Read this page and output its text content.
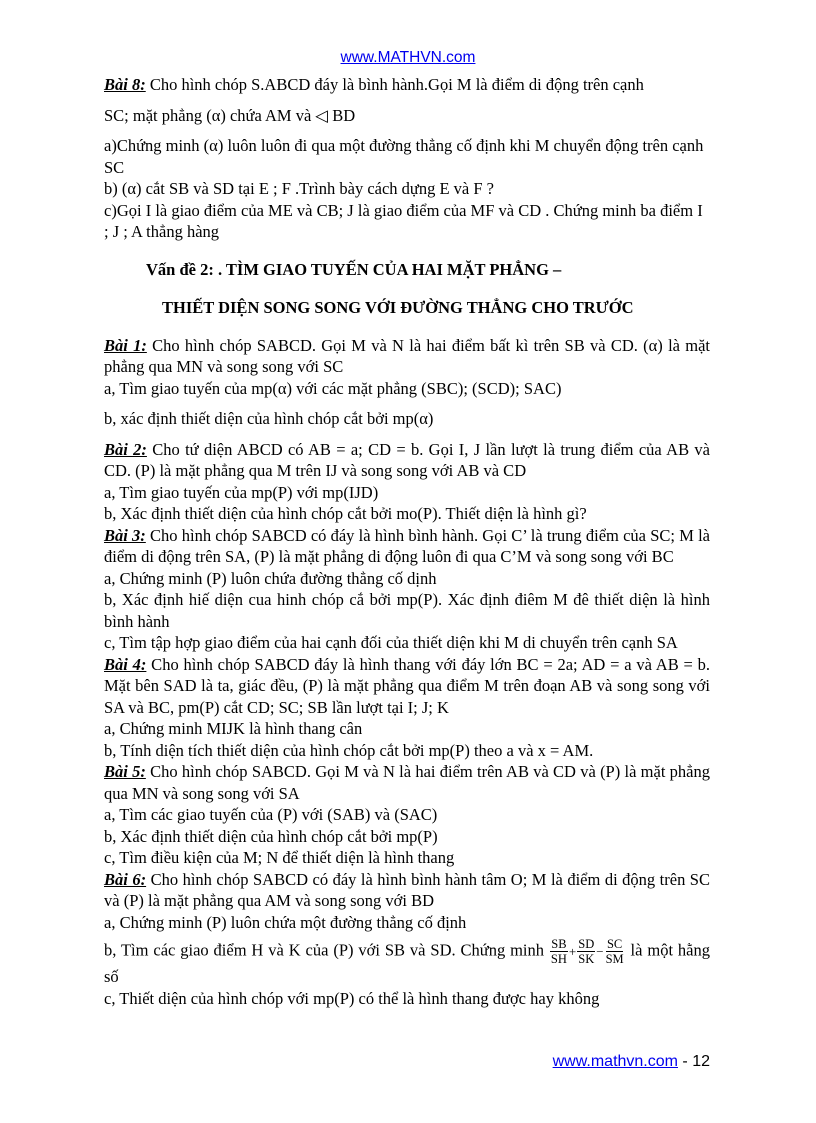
www.MATHVN.com

Bài 8: Cho hình chóp S.ABCD đáy là bình hành.Gọi M là điểm di động trên cạnh

SC; mặt phẳng (α) chứa AM và ◁ BD

a)Chứng minh (α) luôn luôn đi qua một đường thẳng cố định khi M chuyển động trên cạnh SC

b) (α) cắt SB và SD tại E ; F .Trình bày cách dựng E và F ?

c)Gọi I là giao điểm của ME và CB; J là giao điểm của MF và CD . Chứng minh ba điểm I ; J ; A thẳng hàng

Vấn đề 2: . TÌM GIAO TUYẾN CỦA HAI MẶT PHẲNG –

THIẾT DIỆN SONG SONG VỚI ĐƯỜNG THẲNG CHO TRƯỚC

Bài 1: Cho hình chóp SABCD. Gọi M và N là hai điểm bất kì trên SB và CD. (α) là mặt phẳng qua MN và song song với SC

a, Tìm giao tuyến của mp(α) với các mặt phẳng (SBC); (SCD); SAC)

b, xác định thiết diện của hình chóp cắt bởi mp(α)

Bài 2: Cho tứ diện ABCD có AB = a; CD = b. Gọi I, J lần lượt là trung điểm của AB và CD. (P) là mặt phẳng qua M trên IJ và song song với AB và CD

a, Tìm giao tuyến của mp(P) với mp(IJD)

b, Xác định thiết diện của hình chóp cắt bởi mo(P). Thiết diện là hình gì?

Bài 3: Cho hình chóp SABCD có đáy là hình bình hành. Gọi C’ là trung điểm của SC; M là điểm di động trên SA, (P) là mặt phẳng di động luôn đi qua C’M và song song với BC

a, Chứng minh (P) luôn chứa đường thẳng cố dịnh

b, Xác định hiế diện cua hinh chóp cắ bởi mp(P). Xác định điêm M đê thiết diện là hình bình hành

c, Tìm tập hợp giao điểm của hai cạnh đối của thiết diện khi M di chuyển trên cạnh SA

Bài 4: Cho hình chóp SABCD đáy là hình thang với đáy lớn BC = 2a; AD = a và AB = b. Mặt bên SAD là ta, giác đều, (P) là mặt phẳng qua điểm M trên đoạn AB và song song với SA và BC, pm(P) cắt CD; SC; SB lần lượt tại I; J; K

a, Chứng minh MIJK là hình thang cân

b, Tính diện tích thiết diện của hình chóp cắt bởi mp(P) theo a và x = AM.

Bài 5: Cho hình chóp SABCD. Gọi M và N là hai điểm trên AB và CD và (P) là mặt phẳng qua MN và song song với SA

a, Tìm các giao tuyến của (P) với (SAB) và (SAC)

b, Xác định thiết diện của hình chóp cắt bởi mp(P)

c, Tìm điều kiện của M; N để thiết diện là hình thang

Bài 6: Cho hình chóp SABCD có đáy là hình bình hành tâm O; M là điểm di động trên SC và (P) là mặt phẳng qua AM và song song với BD

a, Chứng minh (P) luôn chứa một đường thẳng cố định

b, Tìm các giao điểm H và K của (P) với SB và SD. Chứng minh $\frac{SB}{SH} + \frac{SD}{SK} - \frac{SC}{SM}$ là một hằng số

c, Thiết diện của hình chóp với mp(P) có thể là hình thang được hay không

www.mathvn.com - 12
